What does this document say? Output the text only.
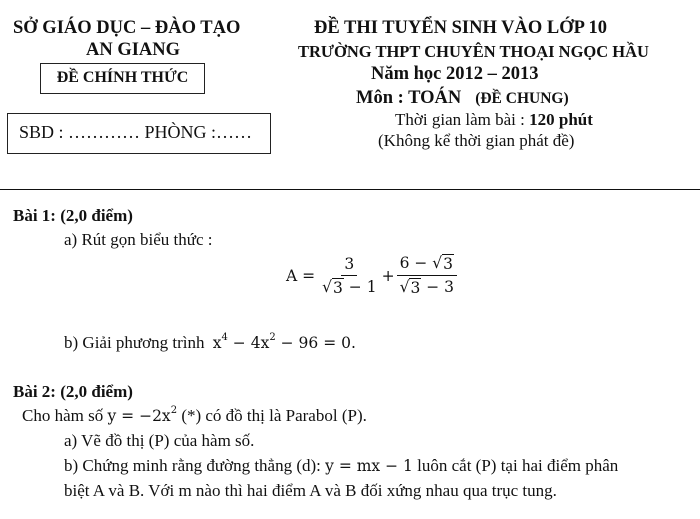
SỞ GIÁO DỤC – ĐÀO TẠO
AN GIANG
ĐỀ CHÍNH THỨC
SBD : ………… PHÒNG :……
ĐỀ THI TUYỂN SINH VÀO LỚP 10
TRƯỜNG THPT CHUYÊN THOẠI NGỌC HẦU
Năm học 2012 – 2013
Môn : TOÁN (ĐỀ CHUNG)
Thời gian làm bài : 120 phút
(Không kể thời gian phát đề)
Bài 1: (2,0 điểm)
a) Rút gọn biểu thức :
$A = \frac{3}{√ 3 - 1} + \frac{6 - √ 3}{√ 3 - 3}$
b) Giải phương trình $x^4 - 4x^2 - 96 = 0$.
Bài 2: (2,0 điểm)
Cho hàm số $y = -2x^2$ (*) có đồ thị là Parabol (P).
a) Vẽ đồ thị (P) của hàm số.
b) Chứng minh rằng đường thẳng (d): y = mx − 1 luôn cắt (P) tại hai điểm phân
biệt A và B. Với m nào thì hai điểm A và B đối xứng nhau qua trục tung.
